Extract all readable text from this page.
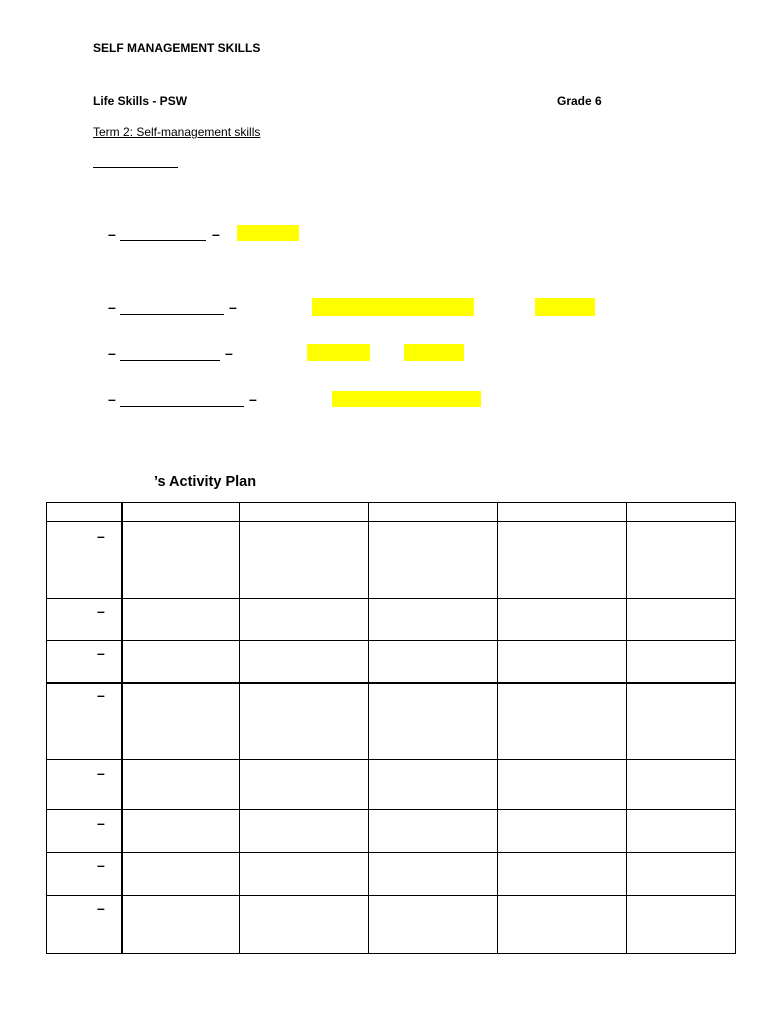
SELF MANAGEMENT SKILLS
Life Skills - PSW	Grade 6
Term 2: Self-management skills
–	–
–	–
–	–
–	–
’s Activity Plan
–
–
–
–
–
–
–
–
